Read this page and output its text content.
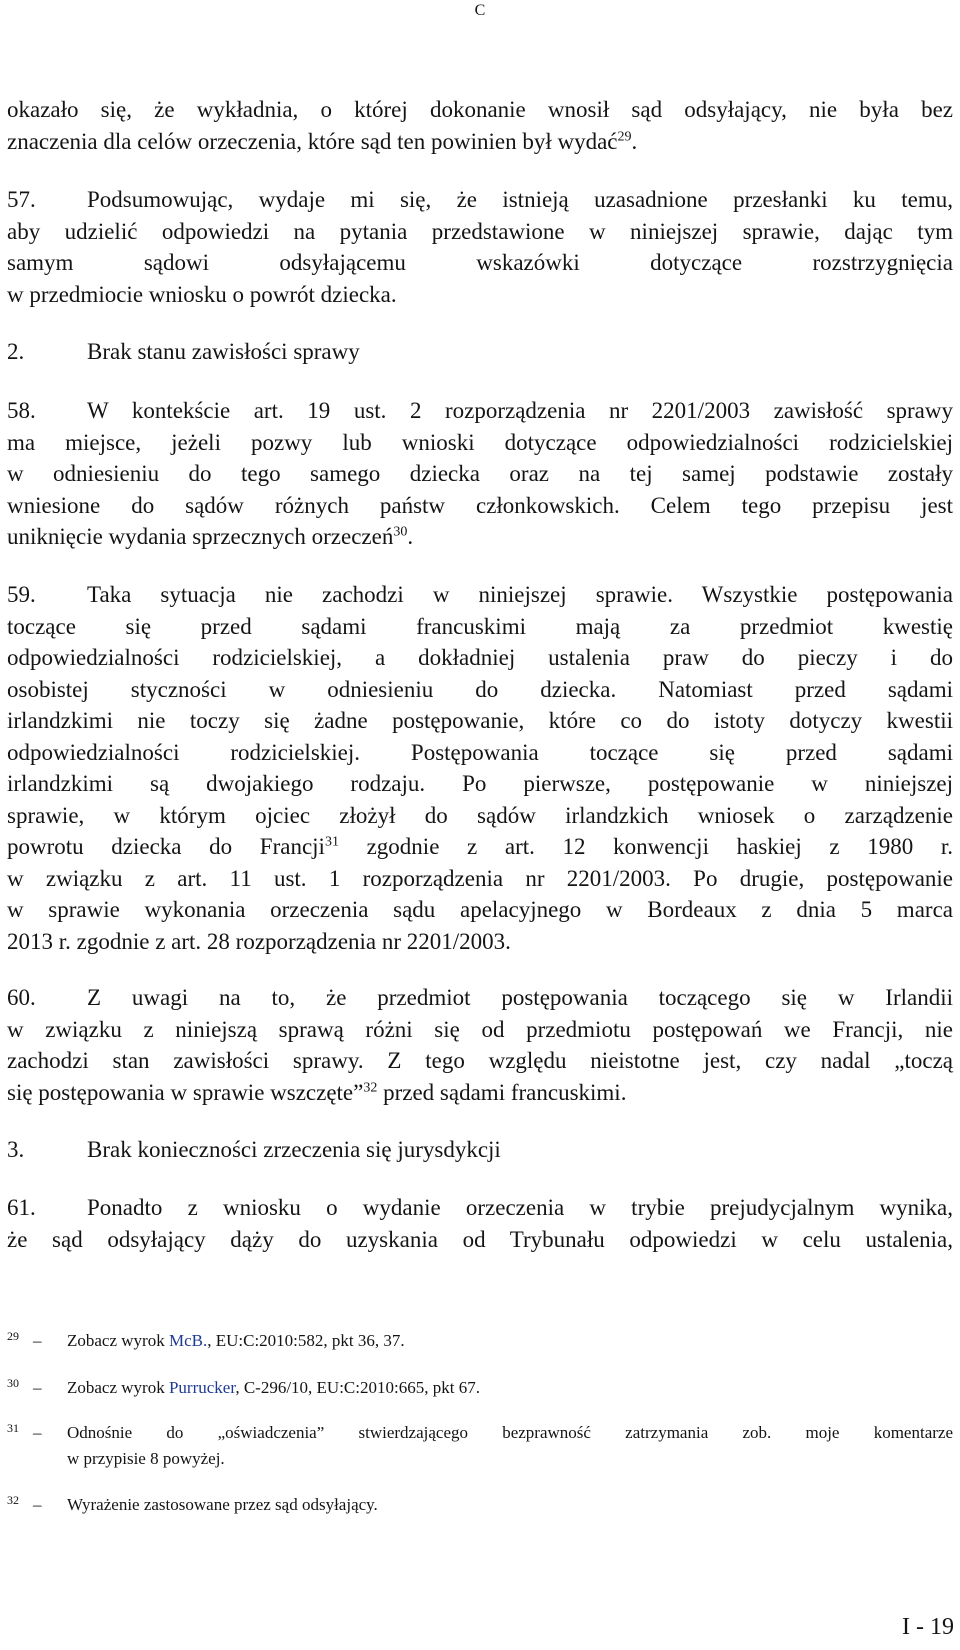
C
okazało się, że wykładnia, o której dokonanie wnosił sąd odsyłający, nie była bez
znaczenia dla celów orzeczenia, które sąd ten powinien był wydać$^{29}$.
57.	Podsumowując, wydaje mi się, że istnieją uzasadnione przesłanki ku temu,
aby udzielić odpowiedzi na pytania przedstawione w niniejszej sprawie, dając tym
samym sądowi odsyłającemu wskazówki dotyczące rozstrzygnięcia
w przedmiocie wniosku o powrót dziecka.
2.	Brak stanu zawisłości sprawy
58.	W kontekście art. 19 ust. 2 rozporządzenia nr 2201/2003 zawisłość sprawy
ma miejsce, jeżeli pozwy lub wnioski dotyczące odpowiedzialności rodzicielskiej
w odniesieniu do tego samego dziecka oraz na tej samej podstawie zostały
wniesione do sądów różnych państw członkowskich. Celem tego przepisu jest
uniknięcie wydania sprzecznych orzeczeń$^{30}$.
59.	Taka sytuacja nie zachodzi w niniejszej sprawie. Wszystkie postępowania
toczące się przed sądami francuskimi mają za przedmiot kwestię
odpowiedzialności rodzicielskiej, a dokładniej ustalenia praw do pieczy i do
osobistej styczności w odniesieniu do dziecka. Natomiast przed sądami
irlandzkimi nie toczy się żadne postępowanie, które co do istoty dotyczy kwestii
odpowiedzialności rodzicielskiej. Postępowania toczące się przed sądami
irlandzkimi są dwojakiego rodzaju. Po pierwsze, postępowanie w niniejszej
sprawie, w którym ojciec złożył do sądów irlandzkich wniosek o zarządzenie
powrotu dziecka do Francji$^{31}$ zgodnie z art. 12 konwencji haskiej z 1980 r.
w związku z art. 11 ust. 1 rozporządzenia nr 2201/2003. Po drugie, postępowanie
w sprawie wykonania orzeczenia sądu apelacyjnego w Bordeaux z dnia 5 marca
2013 r. zgodnie z art. 28 rozporządzenia nr 2201/2003.
60.	Z uwagi na to, że przedmiot postępowania toczącego się w Irlandii
w związku z niniejszą sprawą różni się od przedmiotu postępowań we Francji, nie
zachodzi stan zawisłości sprawy. Z tego względu nieistotne jest, czy nadal „toczą
się postępowania w sprawie wszczęte”$^{32}$ przed sądami francuskimi.
3.	Brak konieczności zrzeczenia się jurysdykcji
61.	Ponadto z wniosku o wydanie orzeczenia w trybie prejudycjalnym wynika,
że sąd odsyłający dąży do uzyskania od Trybunału odpowiedzi w celu ustalenia,
29 – Zobacz wyrok McB., EU:C:2010:582, pkt 36, 37.
30 – Zobacz wyrok Purrucker, C-296/10, EU:C:2010:665, pkt 67.
31 – Odnośnie do „oświadczenia” stwierdzającego bezprawność zatrzymania zob. moje komentarze
w przypisie 8 powyżej.
32 – Wyrażenie zastosowane przez sąd odsyłający.
I - 19
